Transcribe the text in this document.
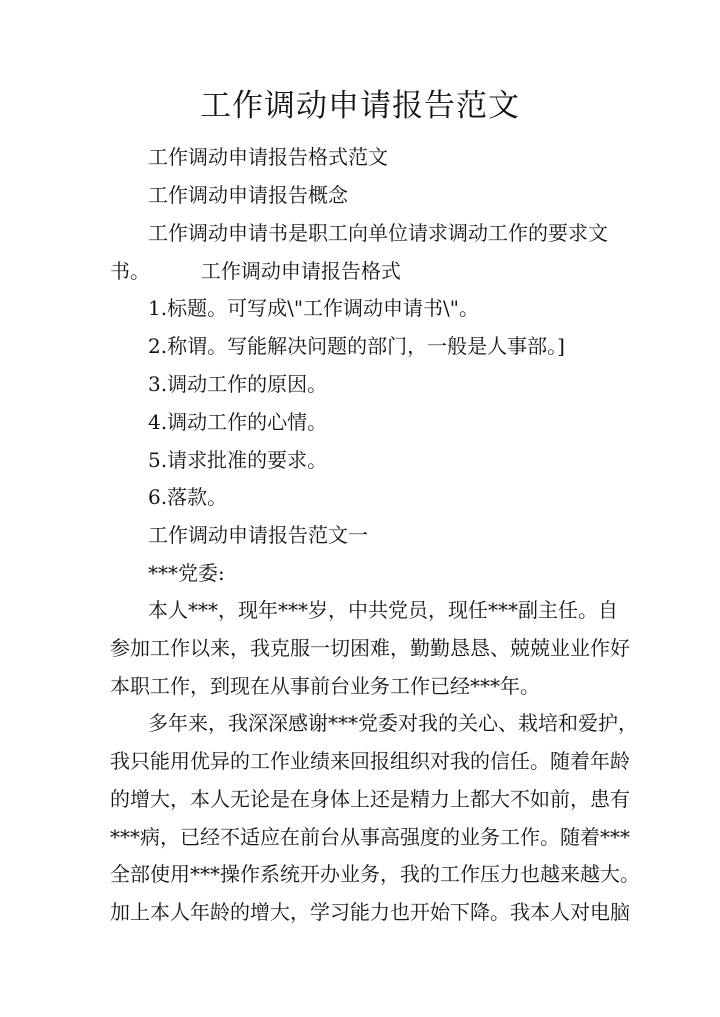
工作调动申请报告范文
工作调动申请报告格式范文
工作调动申请报告概念
工作调动申请书是职工向单位请求调动工作的要求文
书。        工作调动申请报告格式
1.标题。可写成\"工作调动申请书\"。
2.称谓。写能解决问题的部门，一般是人事部。]
3.调动工作的原因。
4.调动工作的心情。
5.请求批准的要求。
6.落款。
工作调动申请报告范文一
***党委:
本人***，现年***岁，中共党员，现任***副主任。自
参加工作以来，我克服一切困难，勤勤恳恳、兢兢业业作好
本职工作，到现在从事前台业务工作已经***年。
多年来，我深深感谢***党委对我的关心、栽培和爱护，
我只能用优异的工作业绩来回报组织对我的信任。随着年龄
的增大，本人无论是在身体上还是精力上都大不如前，患有
***病，已经不适应在前台从事高强度的业务工作。随着***
全部使用***操作系统开办业务，我的工作压力也越来越大。
加上本人年龄的增大，学习能力也开始下降。我本人对电脑
